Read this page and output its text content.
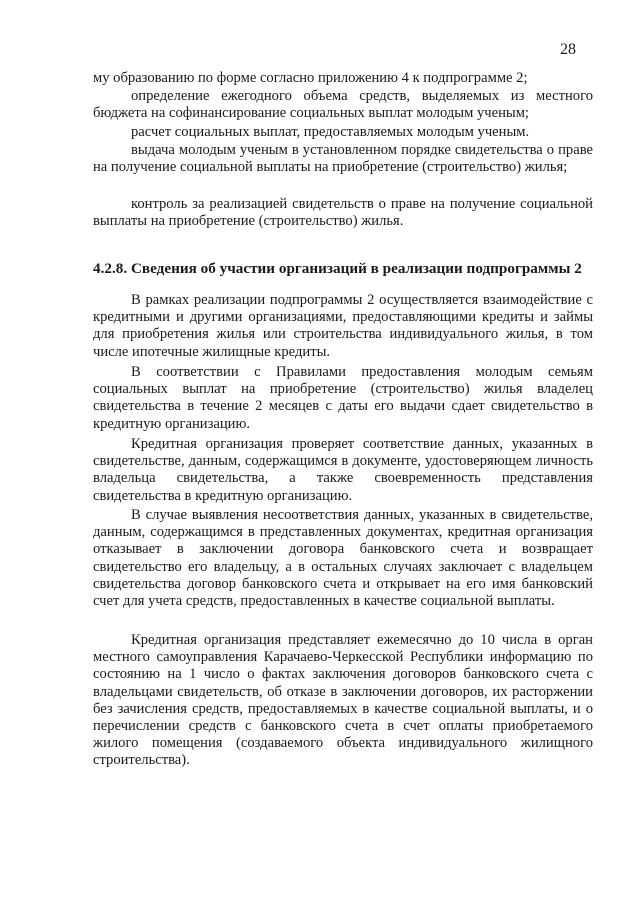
28

му образованию по форме согласно приложению 4 к подпрограмме 2;

определение ежегодного объема средств, выделяемых из местного бюджета на софинансирование социальных выплат молодым ученым;

расчет социальных выплат, предоставляемых молодым ученым.

выдача молодым ученым в установленном порядке свидетельства о праве на получение социальной выплаты на приобретение (строительство) жилья;

контроль за реализацией свидетельств о праве на получение социальной выплаты на приобретение (строительство) жилья.

4.2.8. Сведения об участии организаций в реализации подпрограммы 2

В рамках реализации подпрограммы 2 осуществляется взаимодействие с кредитными и другими организациями, предоставляющими кредиты и займы для приобретения жилья или строительства индивидуального жилья, в том числе ипотечные жилищные кредиты.

В соответствии с Правилами предоставления молодым семьям социальных выплат на приобретение (строительство) жилья владелец свидетельства в течение 2 месяцев с даты его выдачи сдает свидетельство в кредитную организацию.

Кредитная организация проверяет соответствие данных, указанных в свидетельстве, данным, содержащимся в документе, удостоверяющем личность владельца свидетельства, а также своевременность представления свидетельства в кредитную организацию.

В случае выявления несоответствия данных, указанных в свидетельстве, данным, содержащимся в представленных документах, кредитная организация отказывает в заключении договора банковского счета и возвращает свидетельство его владельцу, а в остальных случаях заключает с владельцем свидетельства договор банковского счета и открывает на его имя банковский счет для учета средств, предоставленных в качестве социальной выплаты.

Кредитная организация представляет ежемесячно до 10 числа в орган местного самоуправления Карачаево-Черкесской Республики информацию по состоянию на 1 число о фактах заключения договоров банковского счета с владельцами свидетельств, об отказе в заключении договоров, их расторжении без зачисления средств, предоставляемых в качестве социальной выплаты, и о перечислении средств с банковского счета в счет оплаты приобретаемого жилого помещения (создаваемого объекта индивидуального жилищного строительства).
